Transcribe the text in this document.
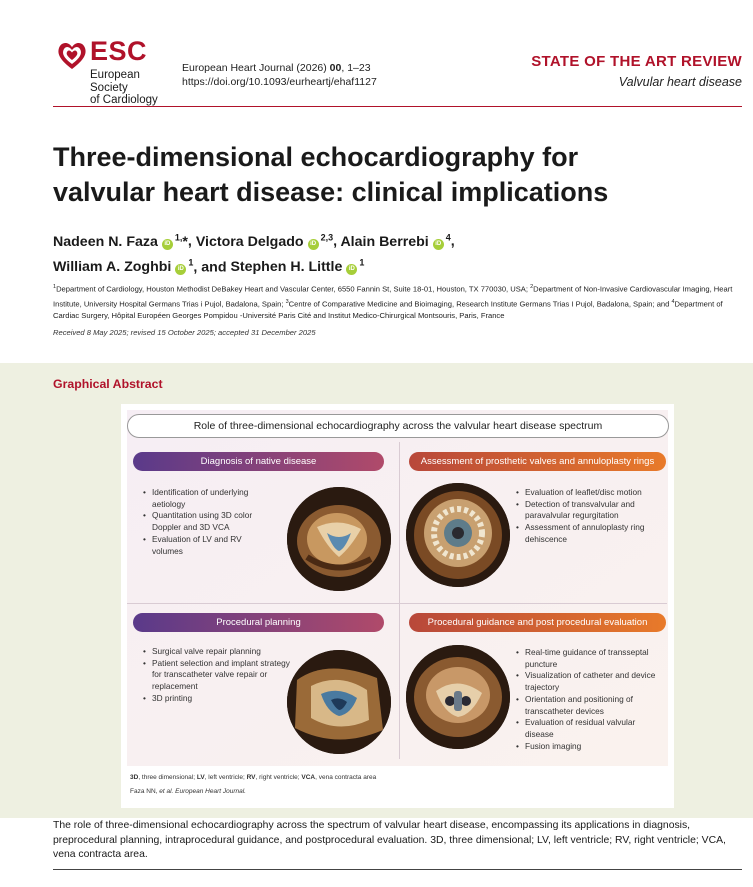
ESC
European Society
of Cardiology
European Heart Journal (2026) 00, 1–23
https://doi.org/10.1093/eurheartj/ehaf1127
STATE OF THE ART REVIEW
Valvular heart disease
Three-dimensional echocardiography for
valvular heart disease: clinical implications
Nadeen N. Faza $iD^{1,}*$, Victora Delgado iD$^{2,3}$, Alain Berrebi $iD^4$,
William A. Zoghbi $iD^1$, and Stephen H. Little $iD^1$
$^1$Department of Cardiology, Houston Methodist DeBakey Heart and Vascular Center, 6550 Fannin St, Suite 18-01, Houston, TX 770030, USA; $^2$Department of Non-Invasive Cardiovascular Imaging, Heart Institute, University Hospital Germans Trias i Pujol, Badalona, Spain; $^3$Centre of Comparative Medicine and Bioimaging, Research Institute Germans Trias I Pujol, Badalona, Spain; and $^4$Department of Cardiac Surgery, Hôpital Européen Georges Pompidou -Université Paris Cité and Institut Medico-Chirurgical Montsouris, Paris, France
Received 8 May 2025; revised 15 October 2025; accepted 31 December 2025
Graphical Abstract
Role of three-dimensional echocardiography across the valvular heart disease spectrum
Diagnosis of native disease
• Identification of underlying aetiology
• Quantitation using 3D color Doppler and 3D VCA
• Evaluation of LV and RV volumes
Assessment of prosthetic valves and annuloplasty rings
• Evaluation of leaflet/disc motion
• Detection of transvalvular and paravalvular regurgitation
• Assessment of annuloplasty ring dehiscence
Procedural planning
• Surgical valve repair planning
• Patient selection and implant strategy for transcatheter valve repair or replacement
• 3D printing
Procedural guidance and post procedural evaluation
• Real-time guidance of transseptal puncture
• Visualization of catheter and device trajectory
• Orientation and positioning of transcatheter devices
• Evaluation of residual valvular disease
• Fusion imaging
3D, three dimensional; LV, left ventricle; RV, right ventricle; VCA, vena contracta area
Faza NN, et al. European Heart Journal.
The role of three-dimensional echocardiography across the spectrum of valvular heart disease, encompassing its applications in diagnosis, preprocedural planning, intraprocedural guidance, and postprocedural evaluation. 3D, three dimensional; LV, left ventricle; RV, right ventricle; VCA, vena contracta area.
